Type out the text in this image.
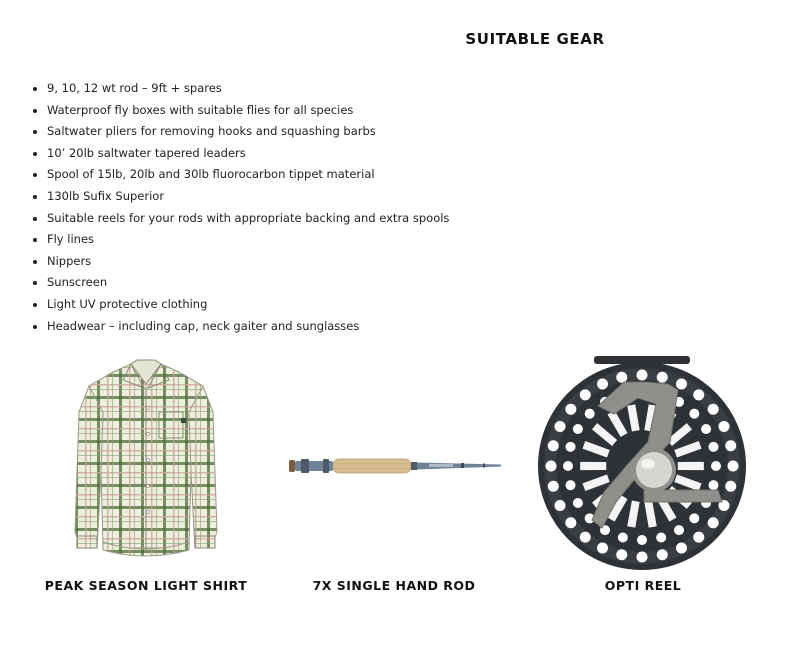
SUITABLE GEAR
• 9, 10, 12 wt rod – 9ft + spares
• Waterproof fly boxes with suitable flies for all species
• Saltwater pliers for removing hooks and squashing barbs
• 10’ 20lb saltwater tapered leaders
• Spool of 15lb, 20lb and 30lb fluorocarbon tippet material
• 130lb Sufix Superior
• Suitable reels for your rods with appropriate backing and extra spools
• Fly lines
• Nippers
• Sunscreen
• Light UV protective clothing
• Headwear – including cap, neck gaiter and sunglasses
PEAK SEASON LIGHT SHIRT	7X SINGLE HAND ROD	OPTI REEL
